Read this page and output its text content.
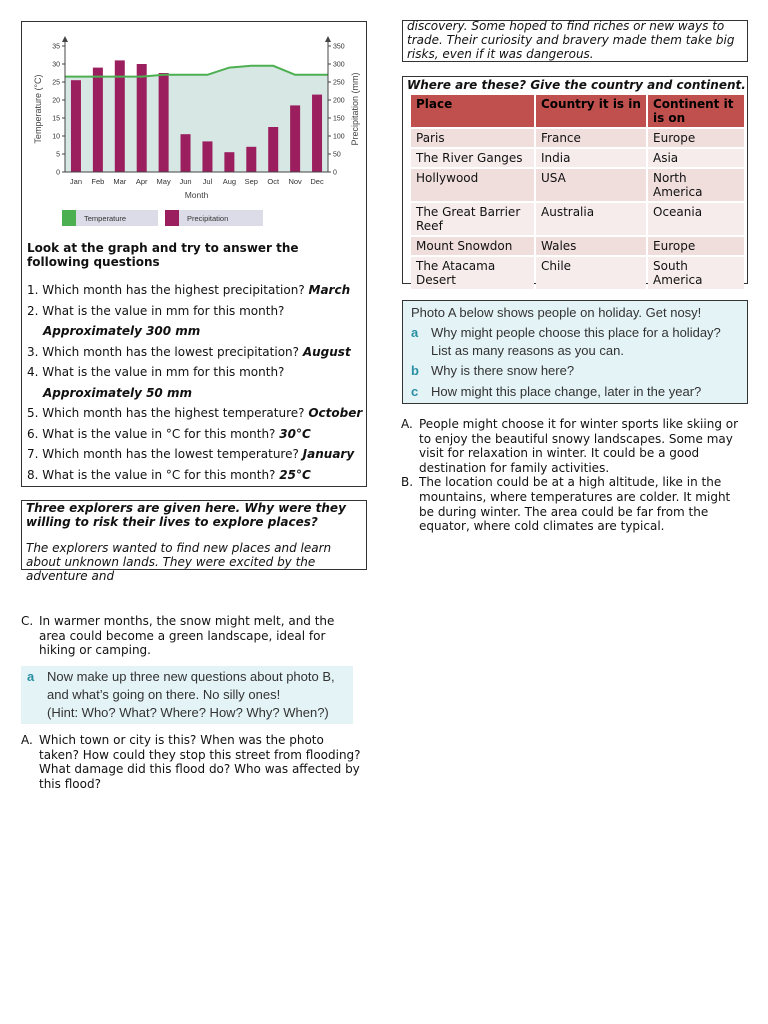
0
5
10
15
20
25
30
35
0
50
100
150
200
250
300
350
Jan Feb Mar Apr May Jun Jul Aug Sep Oct Nov Dec
Month
Temperature (°C)	Precipitation (mm)
Temperature	Precipitation
Look at the graph and try to answer the following questions
1. Which month has the highest precipitation? March
2. What is the value in mm for this month?
Approximately 300 mm
3. Which month has the lowest precipitation? August
4. What is the value in mm for this month?
Approximately 50 mm
5. Which month has the highest temperature? October
6. What is the value in °C for this month? 30°C
7. Which month has the lowest temperature? January
8. What is the value in °C for this month? 25°C
Three explorers are given here. Why were they willing to risk their lives to explore places?
The explorers wanted to find new places and learn about unknown lands. They were excited by the adventure and
discovery. Some hoped to find riches or new ways to trade. Their curiosity and bravery made them take big risks, even if it was dangerous.
Where are these? Give the country and continent.
Place	Country it is in	Continent it is on
Paris	France	Europe
The River Ganges	India	Asia
Hollywood	USA	North America
The Great Barrier Reef	Australia	Oceania
Mount Snowdon	Wales	Europe
The Atacama Desert	Chile	South America
Photo A below shows people on holiday. Get nosy!
a Why might people choose this place for a holiday?
List as many reasons as you can.
b Why is there snow here?
c How might this place change, later in the year?
A. People might choose it for winter sports like skiing or to enjoy the beautiful snowy landscapes. Some may visit for relaxation in winter. It could be a good destination for family activities.
B. The location could be at a high altitude, like in the mountains, where temperatures are colder. It might be during winter. The area could be far from the equator, where cold climates are typical.
C. In warmer months, the snow might melt, and the area could become a green landscape, ideal for hiking or camping.
a Now make up three new questions about photo B,
and what’s going on there. No silly ones!
(Hint: Who? What? Where? How? Why? When?)
A. Which town or city is this? When was the photo taken? How could they stop this street from flooding? What damage did this flood do? Who was affected by this flood?
